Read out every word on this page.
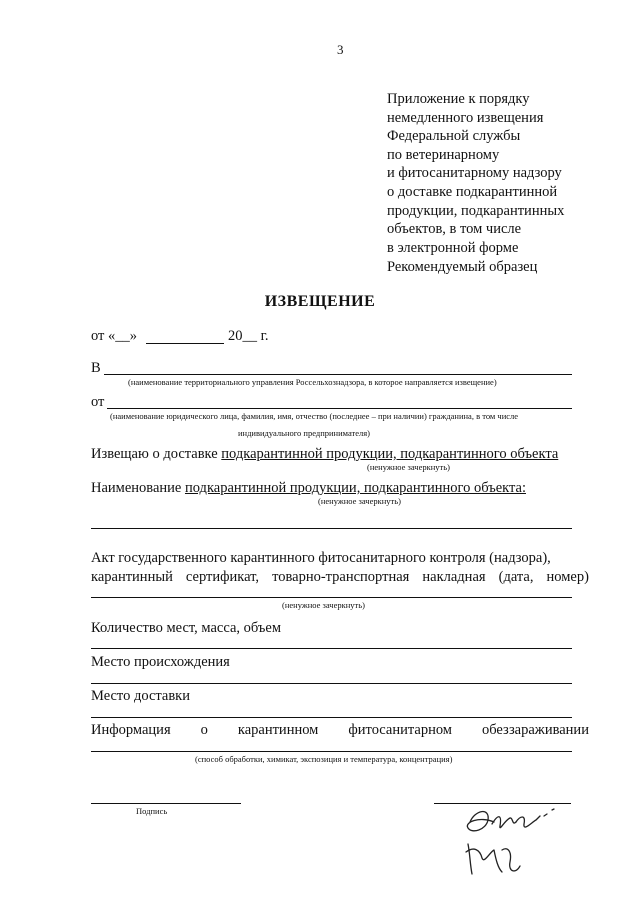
3
Приложение к порядку
немедленного извещения
Федеральной службы
по ветеринарному
и фитосанитарному надзору
о доставке подкарантинной
продукции, подкарантинных
объектов, в том числе
в электронной форме
Рекомендуемый образец
ИЗВЕЩЕНИЕ
от «__»	20__ г.
В
(наименование территориального управления Россельхознадзора, в которое направляется извещение)
от
(наименование юридического лица, фамилия, имя, отчество (последнее – при наличии) гражданина, в том числе
индивидуального предпринимателя)
Извещаю о доставке подкарантинной продукции, подкарантинного объекта
(ненужное зачеркнуть)
Наименование подкарантинной продукции, подкарантинного объекта:
(ненужное зачеркнуть)
Акт государственного карантинного фитосанитарного контроля (надзора),
карантинный сертификат, товарно-транспортная накладная (дата, номер)
(ненужное зачеркнуть)
Количество мест, масса, объем
Место происхождения
Место доставки
Информация о карантинном фитосанитарном обеззараживании
(способ обработки, химикат, экспозиция и температура, концентрация)
Подпись
